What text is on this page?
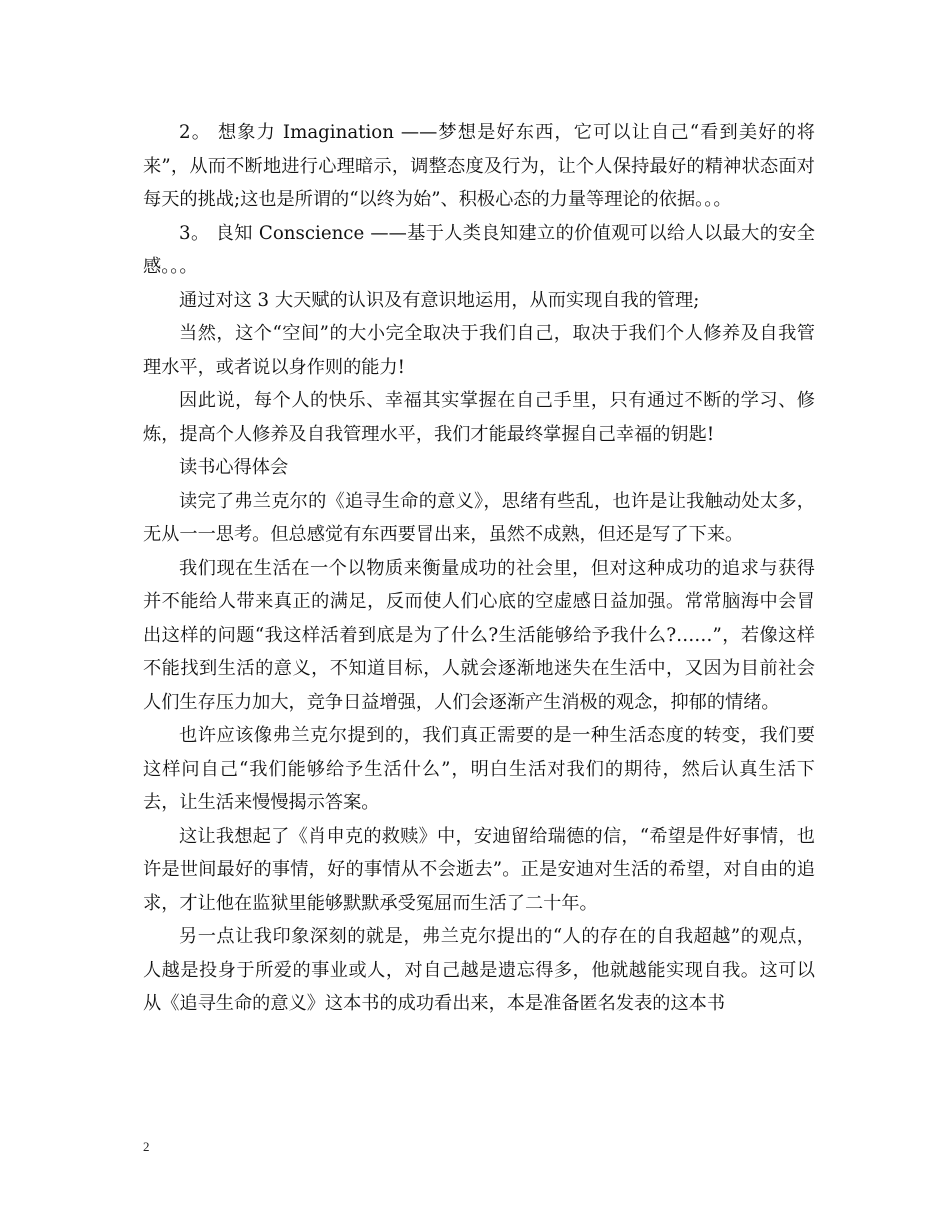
2。 想象力 Imagination ——梦想是好东西，它可以让自己“看到美好的将来”，从而不断地进行心理暗示，调整态度及行为，让个人保持最好的精神状态面对每天的挑战;这也是所谓的“以终为始”、积极心态的力量等理论的依据。。。

3。 良知 Conscience ——基于人类良知建立的价值观可以给人以最大的安全感。。。

通过对这 3 大天赋的认识及有意识地运用，从而实现自我的管理;

当然，这个“空间”的大小完全取决于我们自己，取决于我们个人修养及自我管理水平，或者说以身作则的能力!

因此说，每个人的快乐、幸福其实掌握在自己手里，只有通过不断的学习、修炼，提高个人修养及自我管理水平，我们才能最终掌握自己幸福的钥匙!

读书心得体会

读完了弗兰克尔的《追寻生命的意义》，思绪有些乱，也许是让我触动处太多，无从一一思考。但总感觉有东西要冒出来，虽然不成熟，但还是写了下来。

我们现在生活在一个以物质来衡量成功的社会里，但对这种成功的追求与获得并不能给人带来真正的满足，反而使人们心底的空虚感日益加强。常常脑海中会冒出这样的问题“我这样活着到底是为了什么?生活能够给予我什么?……”，若像这样不能找到生活的意义，不知道目标，人就会逐渐地迷失在生活中，又因为目前社会人们生存压力加大，竞争日益增强，人们会逐渐产生消极的观念，抑郁的情绪。

也许应该像弗兰克尔提到的，我们真正需要的是一种生活态度的转变，我们要这样问自己“我们能够给予生活什么”，明白生活对我们的期待，然后认真生活下去，让生活来慢慢揭示答案。

这让我想起了《肖申克的救赎》中，安迪留给瑞德的信，“希望是件好事情，也许是世间最好的事情，好的事情从不会逝去”。正是安迪对生活的希望，对自由的追求，才让他在监狱里能够默默承受冤屈而生活了二十年。

另一点让我印象深刻的就是，弗兰克尔提出的“人的存在的自我超越”的观点，人越是投身于所爱的事业或人，对自己越是遗忘得多，他就越能实现自我。这可以从《追寻生命的意义》这本书的成功看出来，本是准备匿名发表的这本书

2
